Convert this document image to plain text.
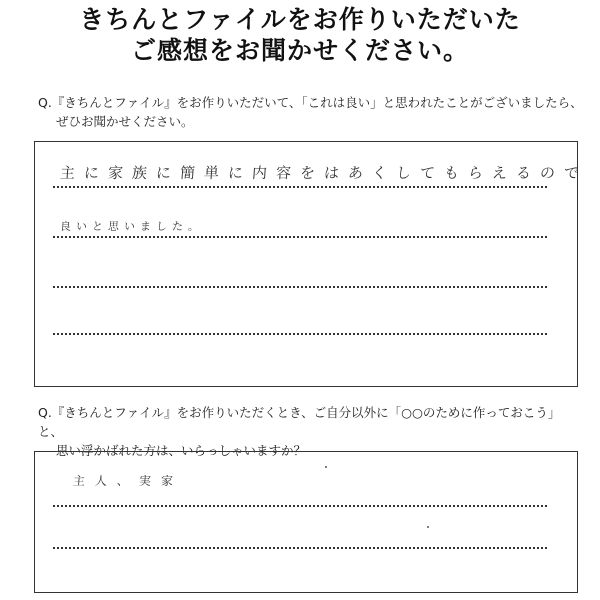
きちんとファイルをお作りいただいた
ご感想をお聞かせください。
Q.『きちんとファイル』をお作りいただいて、「これは良い」と思われたことがございましたら、
ぜひお聞かせください。
主に家族に簡単に内容をはあくしてもらえるので
良いと思いました。
Q.『きちんとファイル』をお作りいただくとき、ご自分以外に「○○のために作っておこう」と、
思い浮かばれた方は、いらっしゃいますか？
主人、実家
